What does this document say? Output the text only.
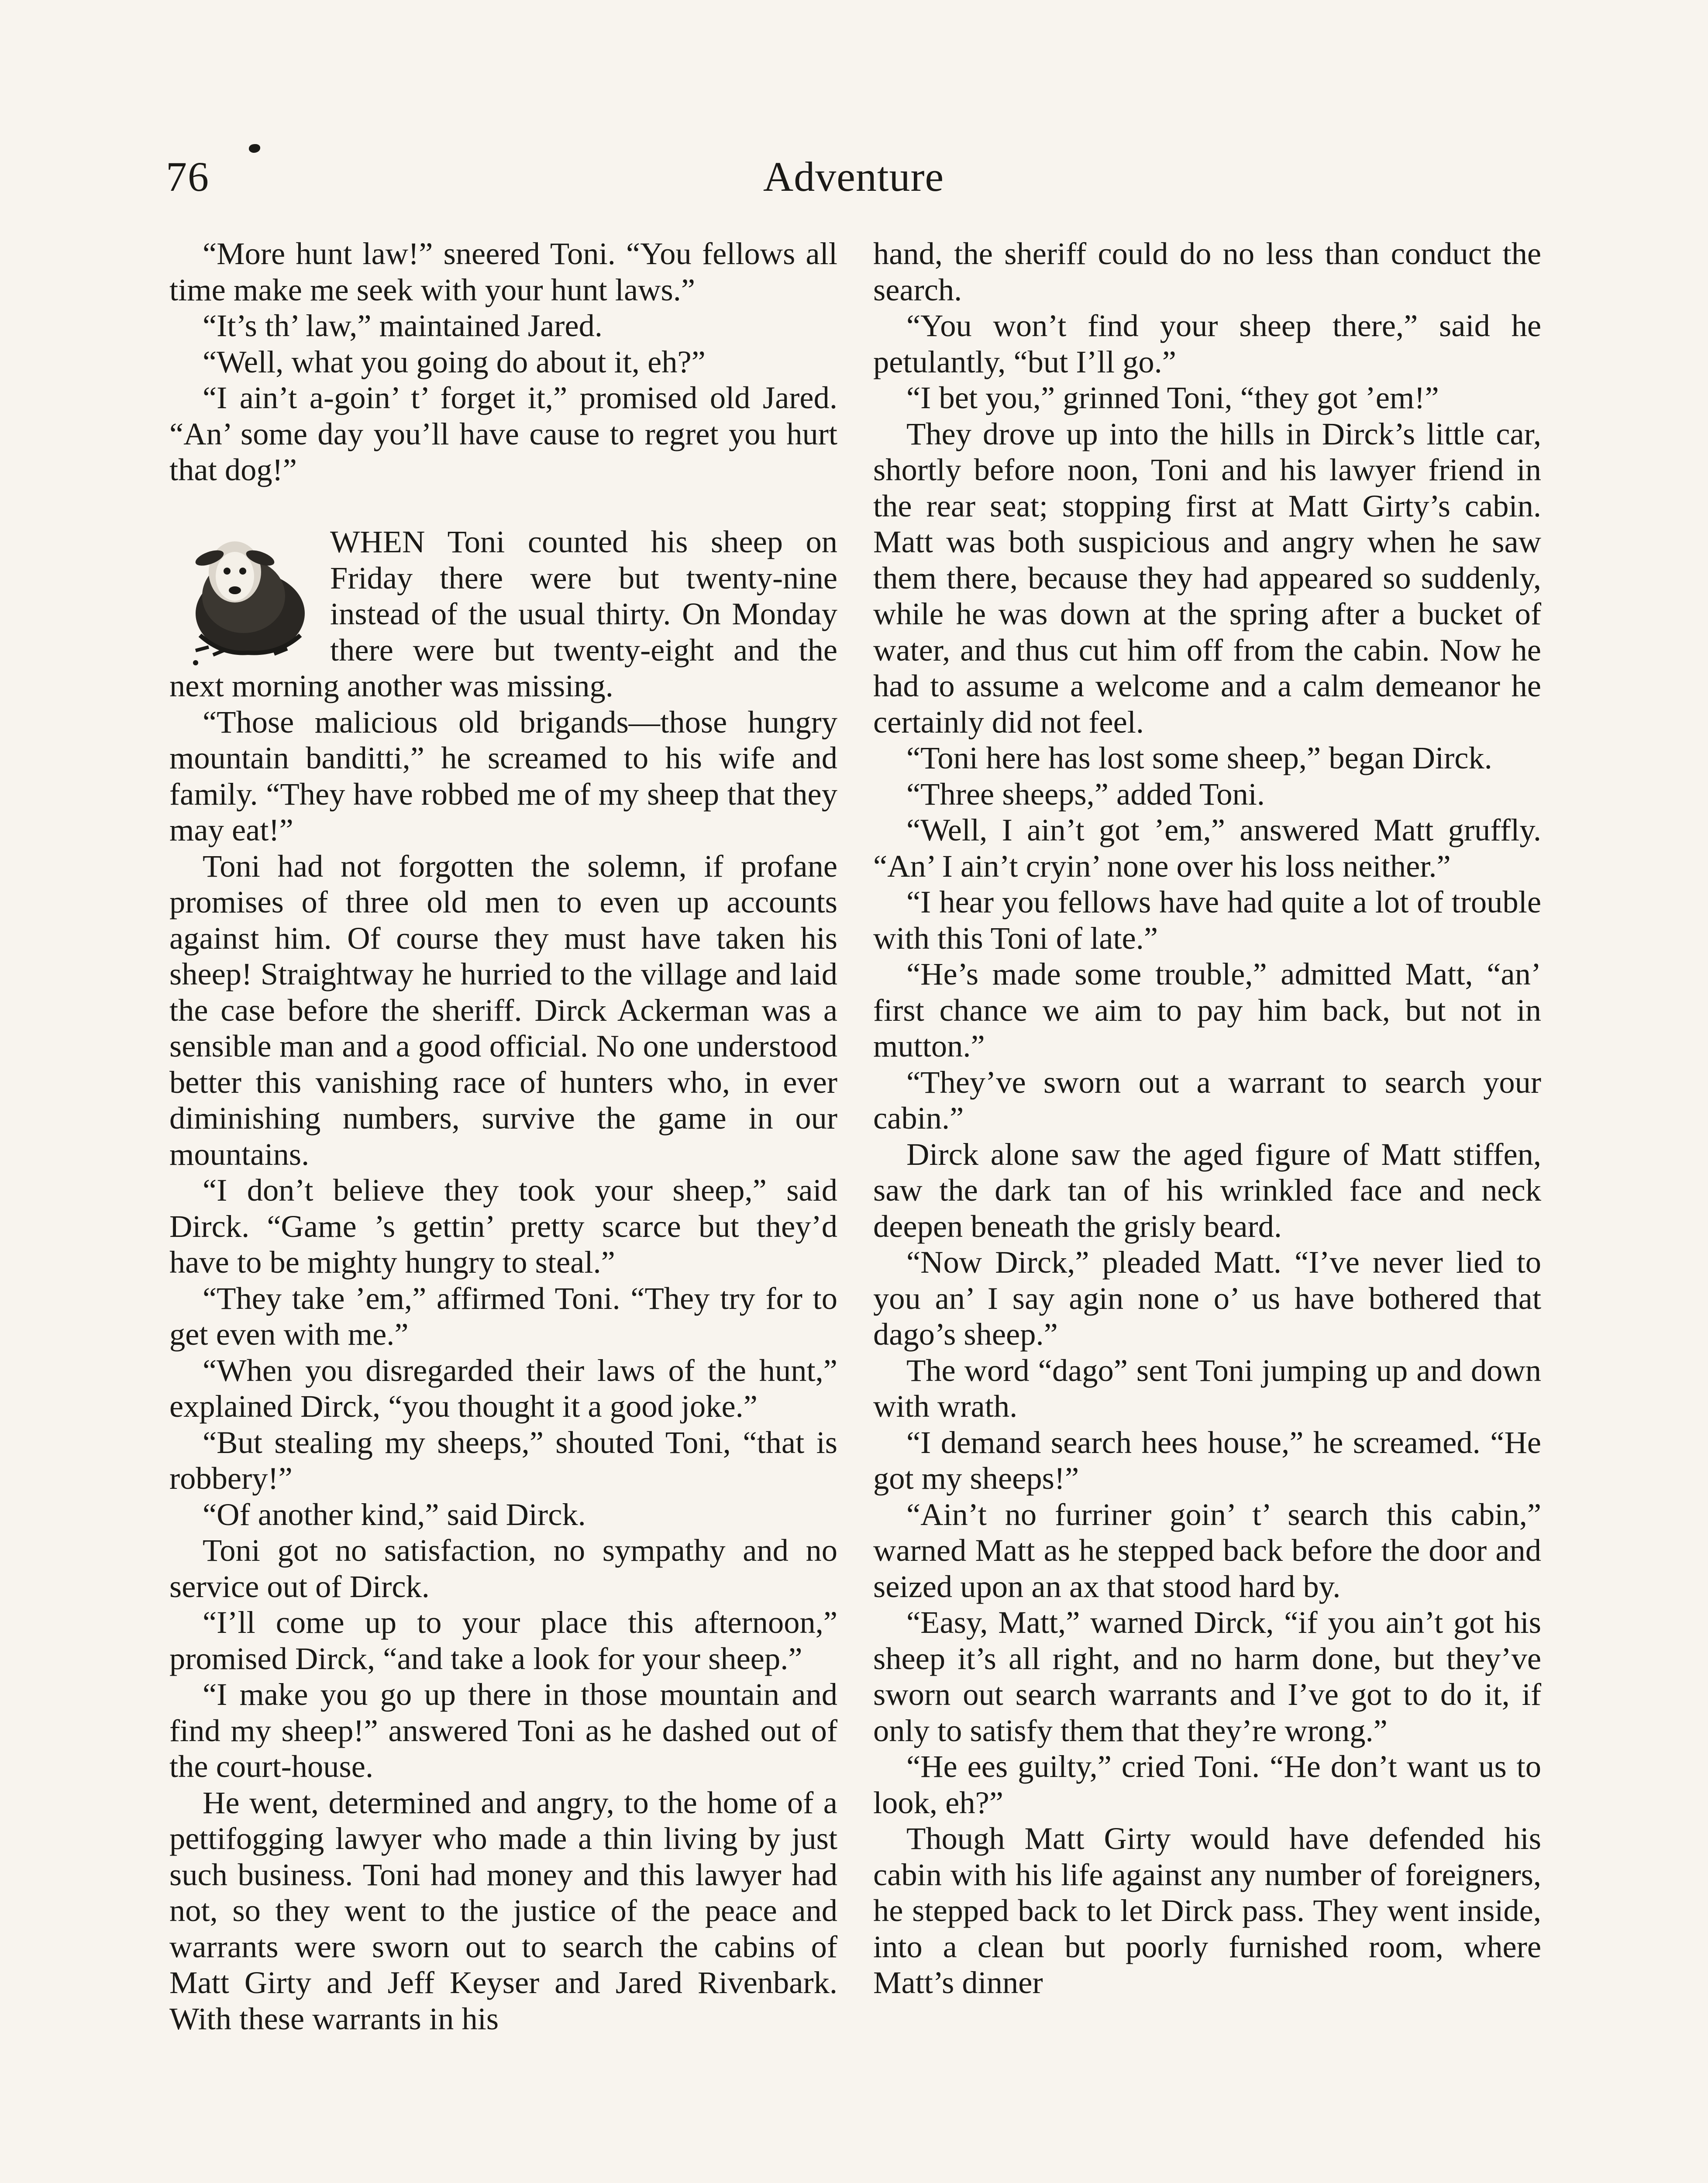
76	Adventure

“More hunt law!” sneered Toni. “You fellows all time make me seek with your hunt laws.”

“It’s th’ law,” maintained Jared.

“Well, what you going do about it, eh?”

“I ain’t a-goin’ t’ forget it,” promised old Jared. “An’ some day you’ll have cause to regret you hurt that dog!”

WHEN Toni counted his sheep on Friday there were but twenty-nine instead of the usual thirty. On Monday there were but twenty-eight and the next morning another was missing.

“Those malicious old brigands—those hungry mountain banditti,” he screamed to his wife and family. “They have robbed me of my sheep that they may eat!”

Toni had not forgotten the solemn, if profane promises of three old men to even up accounts against him. Of course they must have taken his sheep! Straightway he hurried to the village and laid the case before the sheriff. Dirck Ackerman was a sensible man and a good official. No one understood better this vanishing race of hunters who, in ever diminishing numbers, survive the game in our mountains.

“I don’t believe they took your sheep,” said Dirck. “Game ’s gettin’ pretty scarce but they’d have to be mighty hungry to steal.”

“They take ’em,” affirmed Toni. “They try for to get even with me.”

“When you disregarded their laws of the hunt,” explained Dirck, “you thought it a good joke.”

“But stealing my sheeps,” shouted Toni, “that is robbery!”

“Of another kind,” said Dirck.

Toni got no satisfaction, no sympathy and no service out of Dirck.

“I’ll come up to your place this afternoon,” promised Dirck, “and take a look for your sheep.”

“I make you go up there in those mountain and find my sheep!” answered Toni as he dashed out of the court-house.

He went, determined and angry, to the home of a pettifogging lawyer who made a thin living by just such business. Toni had money and this lawyer had not, so they went to the justice of the peace and warrants were sworn out to search the cabins of Matt Girty and Jeff Keyser and Jared Rivenbark. With these warrants in his

hand, the sheriff could do no less than conduct the search.

“You won’t find your sheep there,” said he petulantly, “but I’ll go.”

“I bet you,” grinned Toni, “they got ’em!”

They drove up into the hills in Dirck’s little car, shortly before noon, Toni and his lawyer friend in the rear seat; stopping first at Matt Girty’s cabin. Matt was both suspicious and angry when he saw them there, because they had appeared so suddenly, while he was down at the spring after a bucket of water, and thus cut him off from the cabin. Now he had to assume a welcome and a calm demeanor he certainly did not feel.

“Toni here has lost some sheep,” began Dirck.

“Three sheeps,” added Toni.

“Well, I ain’t got ’em,” answered Matt gruffly. “An’ I ain’t cryin’ none over his loss neither.”

“I hear you fellows have had quite a lot of trouble with this Toni of late.”

“He’s made some trouble,” admitted Matt, “an’ first chance we aim to pay him back, but not in mutton.”

“They’ve sworn out a warrant to search your cabin.”

Dirck alone saw the aged figure of Matt stiffen, saw the dark tan of his wrinkled face and neck deepen beneath the grisly beard.

“Now Dirck,” pleaded Matt. “I’ve never lied to you an’ I say agin none o’ us have bothered that dago’s sheep.”

The word “dago” sent Toni jumping up and down with wrath.

“I demand search hees house,” he screamed. “He got my sheeps!”

“Ain’t no furriner goin’ t’ search this cabin,” warned Matt as he stepped back before the door and seized upon an ax that stood hard by.

“Easy, Matt,” warned Dirck, “if you ain’t got his sheep it’s all right, and no harm done, but they’ve sworn out search warrants and I’ve got to do it, if only to satisfy them that they’re wrong.”

“He ees guilty,” cried Toni. “He don’t want us to look, eh?”

Though Matt Girty would have defended his cabin with his life against any number of foreigners, he stepped back to let Dirck pass. They went inside, into a clean but poorly furnished room, where Matt’s dinner
